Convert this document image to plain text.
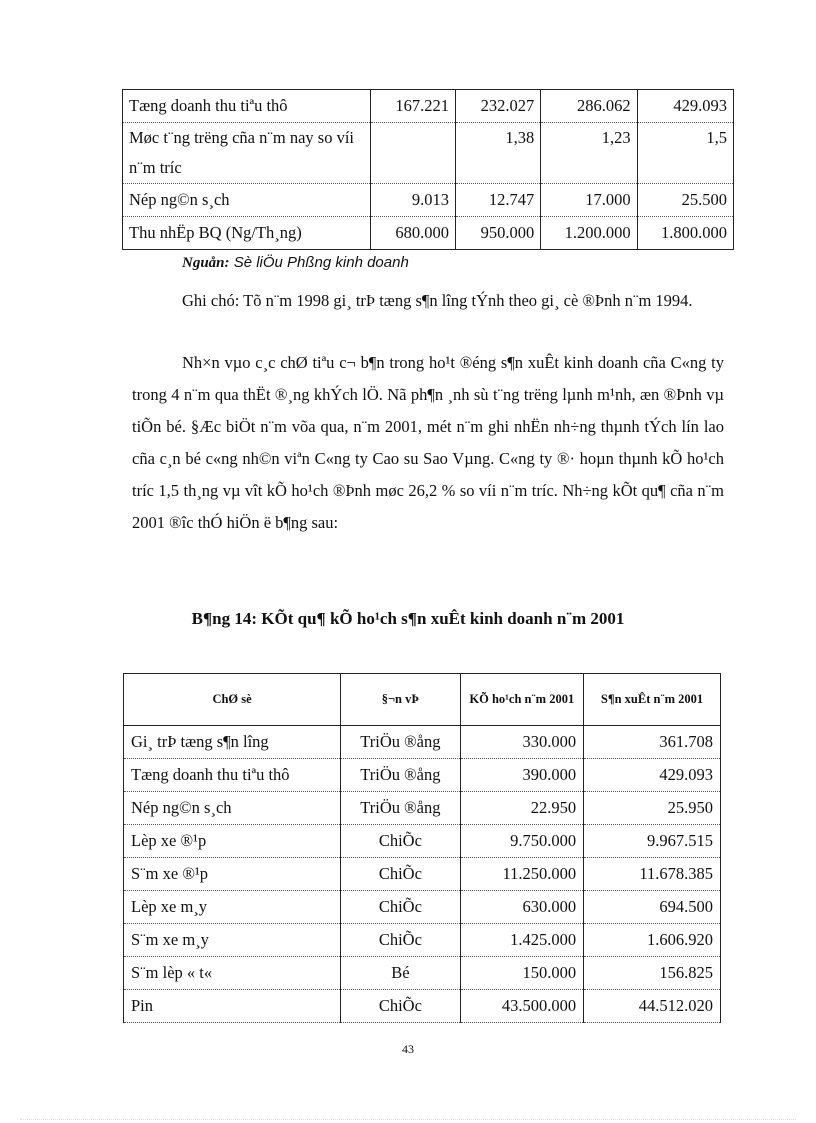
Tæng doanh thu tiªu thô	167.221	232.027	286.062	429.093
Møc t¨ng trëng cña n¨m nay so víi n¨m tríc		1,38	1,23	1,5
Nép ng©n s¸ch	9.013	12.747	17.000	25.500
Thu nhËp BQ (Ng/Th¸ng)	680.000	950.000	1.200.000	1.800.000
Nguån: Sè liÖu Phßng kinh doanh
Ghi chó: Tõ n¨m 1998 gi¸ trÞ tæng s¶n lîng tÝnh theo gi¸ cè ®Þnh n¨m 1994.
Nh×n vµo c¸c chØ tiªu c¬ b¶n trong ho¹t ®éng s¶n xuÊt kinh doanh cña C«ng ty trong 4 n¨m qua thËt ®¸ng khÝch lÖ. Nã ph¶n ¸nh sù t¨ng trëng lµnh m¹nh, æn ®Þnh vµ tiÕn bé. §Æc biÖt n¨m võa qua, n¨m 2001, mét n¨m ghi nhËn nh÷ng thµnh tÝch lín lao cña c¸n bé c«ng nh©n viªn C«ng ty Cao su Sao Vµng. C«ng ty ®· hoµn thµnh kÕ ho¹ch tríc 1,5 th¸ng vµ vît kÕ ho¹ch ®Þnh møc 26,2 % so víi n¨m tríc. Nh÷ng kÕt qu¶ cña n¨m 2001 ®îc thÓ hiÖn ë b¶ng sau:
B¶ng 14: KÕt qu¶ kÕ ho¹ch s¶n xuÊt kinh doanh n¨m 2001
ChØ sè	§¬n vÞ	KÕ ho¹ch n¨m 2001	S¶n xuÊt n¨m 2001
Gi¸ trÞ tæng s¶n lîng	TriÖu ®ång	330.000	361.708
Tæng doanh thu tiªu thô	TriÖu ®ång	390.000	429.093
Nép ng©n s¸ch	TriÖu ®ång	22.950	25.950
Lèp xe ®¹p	ChiÕc	9.750.000	9.967.515
S¨m xe ®¹p	ChiÕc	11.250.000	11.678.385
Lèp xe m¸y	ChiÕc	630.000	694.500
S¨m xe m¸y	ChiÕc	1.425.000	1.606.920
S¨m lèp « t«	Bé	150.000	156.825
Pin	ChiÕc	43.500.000	44.512.020
43
